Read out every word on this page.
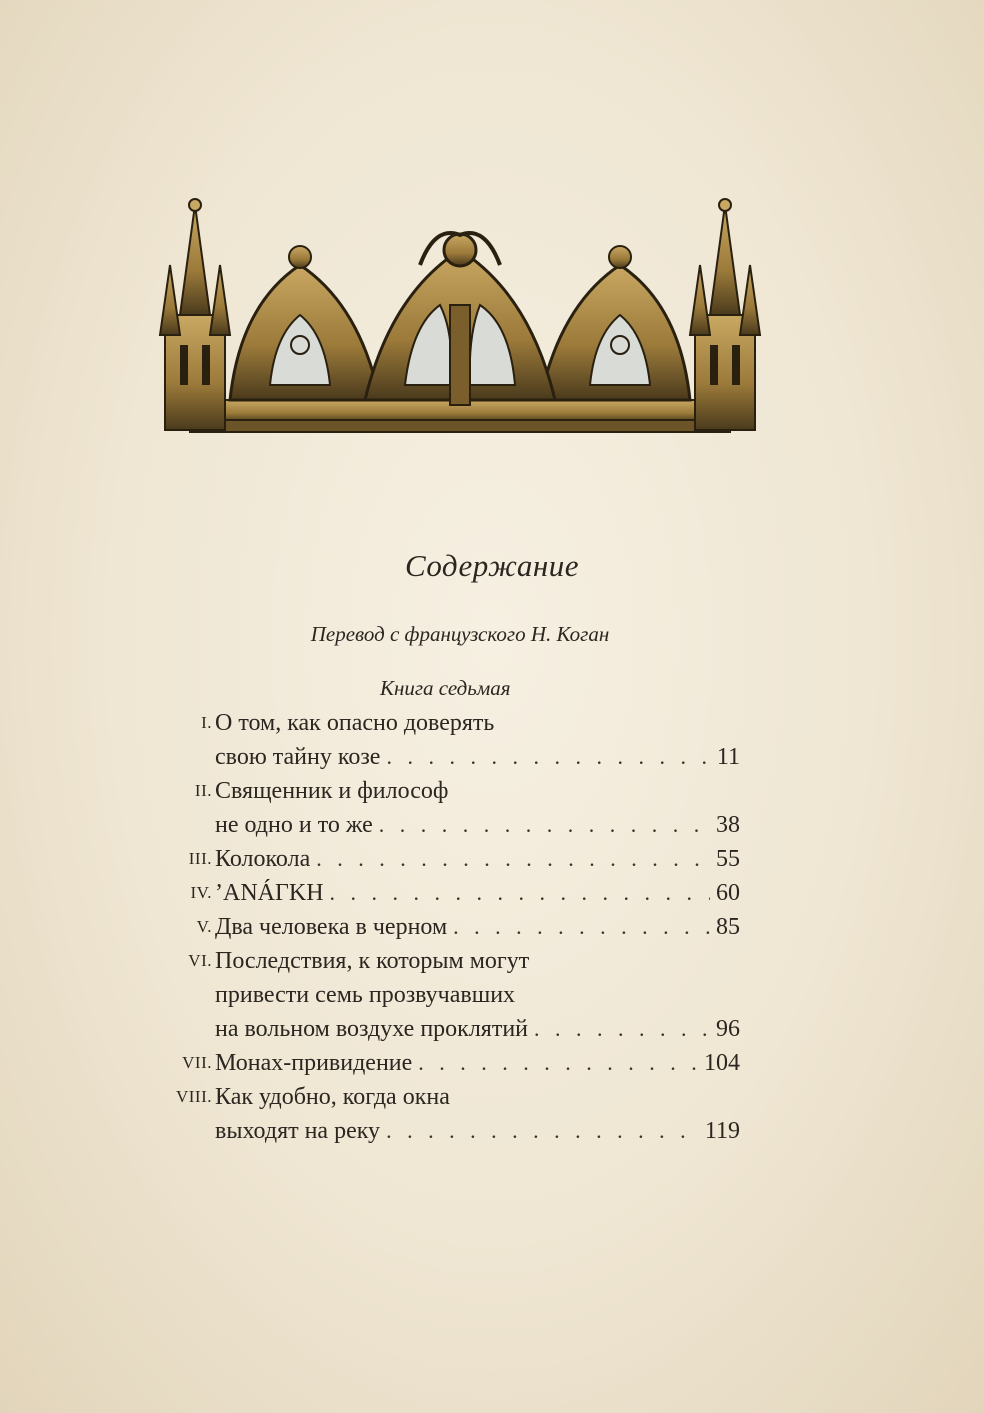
Содержание
Перевод с французского Н. Коган
Книга седьмая
I. О том, как опасно доверять
свою тайну козе . . .	11
II. Священник и философ
не одно и то же . . .	38
III. Колокола . . .	55
IV. ’ΑΝÁΓΚΗ . . .	60
V. Два человека в черном . . .	85
VI. Последствия, к которым могут
привести семь прозвучавших
на вольном воздухе проклятий . . .	96
VII. Монах-привидение . . .	104
VIII. Как удобно, когда окна
выходят на реку . . .	119
